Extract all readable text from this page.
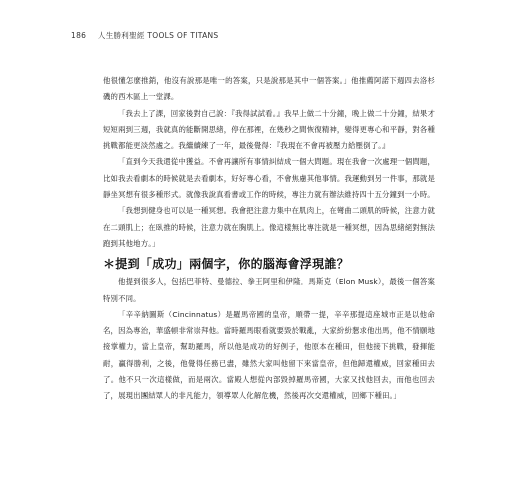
186 人生勝利聖經 TOOLS OF TITANS

他很懂怎麼推銷，他沒有說那是唯一的答案，只是說那是其中一個答案。」他推薦阿諾下週四去洛杉磯的西木區上一堂課。

「我去上了課，回家後對自己說：『我得試試看。』我早上做二十分鐘，晚上做二十分鐘，結果才短短兩到三週，我就真的能斷開思緒，停在那裡，在幾秒之間恢復精神，變得更專心和平靜，對各種挑戰都能更淡然處之。我繼續練了一年，最後覺得：『我現在不會再被壓力給壓倒了。』

「直到今天我還從中獲益。不會再讓所有事情糾結成一個大問題。現在我會一次處理一個問題，比如我去看劇本的時候就是去看劇本，好好專心看，不會焦慮其他事情。我運動到另一件事，那就是靜坐冥想有很多種形式。就像我說真看書或工作的時候，專注力就有辦法維持四十五分鐘到一小時。

「我想到健身也可以是一種冥想。我會把注意力集中在肌肉上，在彎曲二頭肌的時候，注意力就在二頭肌上；在臥推的時候，注意力就在胸肌上。像這樣無比專注就是一種冥想，因為思緒絕對無法跑到其他地方。」

＊提到「成功」兩個字，你的腦海會浮現誰？

他提到很多人，包括巴菲特、曼德拉、拳王阿里和伊隆．馬斯克（Elon Musk），最後一個答案特別不同。

「辛辛納圖斯（Cincinnatus）是羅馬帝國的皇帝，順帶一提，辛辛那提這座城市正是以他命名，因為專治，華盛頓非常崇拜他。當時羅馬眼看就要毀於戰亂，大家紛紛懇求他出馬，他不情願地接掌權力，當上皇帝，幫助羅馬，所以他是成功的好例子，他原本在種田，但他接下挑戰，發揮能耐，贏得勝利，之後，他覺得任務已盡，雖然大家叫他留下來當皇帝，但他歸還權威，回家種田去了。他不只一次這樣做，而是兩次。當殿人想從內部毀掉羅馬帝國，大家又找他回去，而他也回去了，展現出團結眾人的非凡能力，領導眾人化解危機，然後再次交還權威，回鄉下種田。」
